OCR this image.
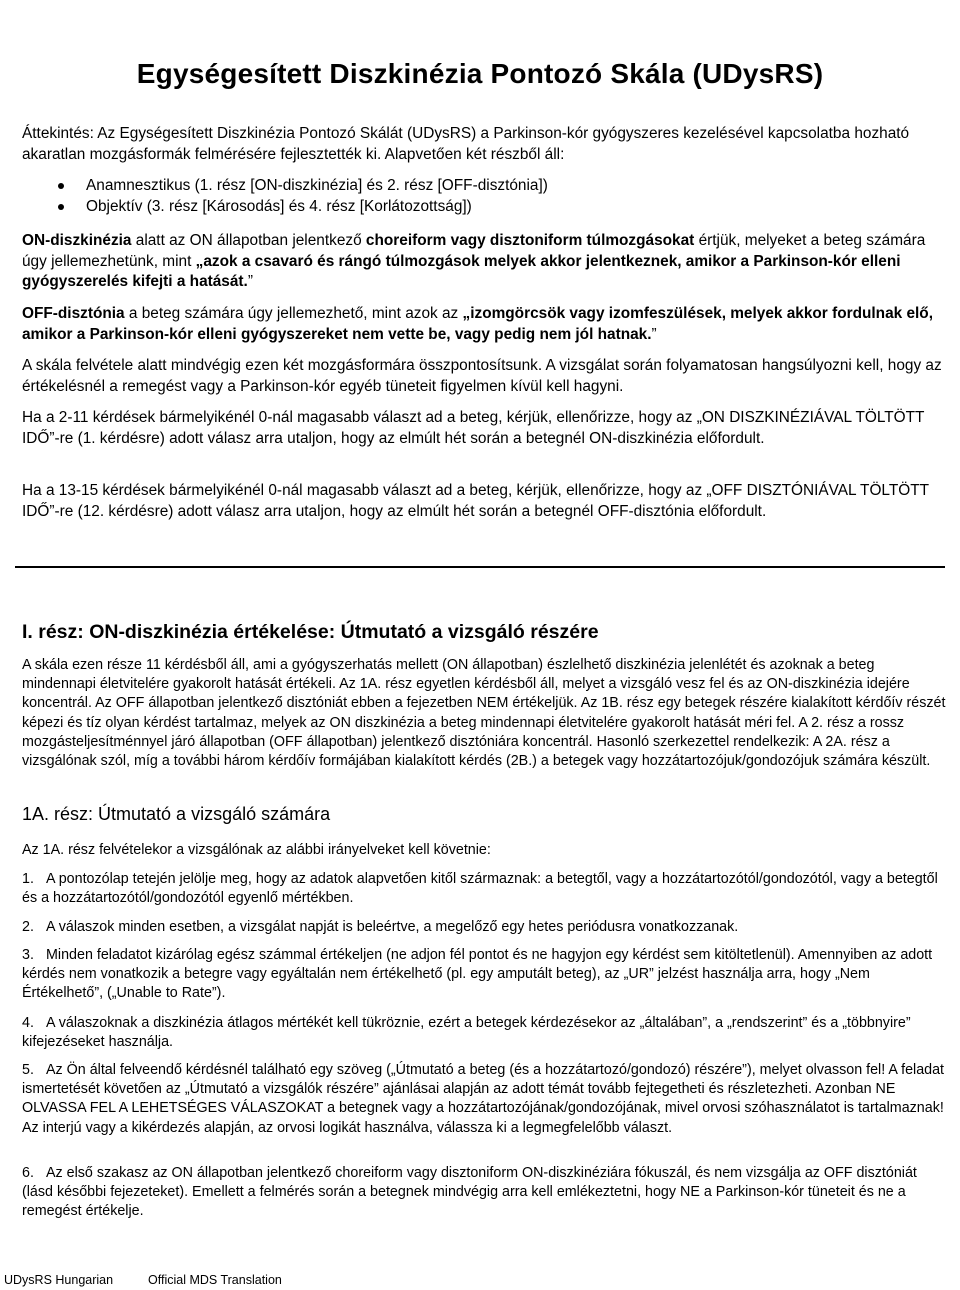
Egységesített Diszkinézia Pontozó Skála (UDysRS)

Áttekintés: Az Egységesített Diszkinézia Pontozó Skálát (UDysRS) a Parkinson-kór gyógyszeres kezelésével kapcsolatba hozható akaratlan mozgásformák felmérésére fejlesztették ki. Alapvetően két részből áll:

Anamnesztikus (1. rész [ON-diszkinézia] és 2. rész [OFF-disztónia])
Objektív (3. rész [Károsodás] és 4. rész [Korlátozottság])

ON-diszkinézia alatt az ON állapotban jelentkező choreiform vagy disztoniform túlmozgásokat értjük, melyeket a beteg számára úgy jellemezhetünk, mint „azok a csavaró és rángó túlmozgások melyek akkor jelentkeznek, amikor a Parkinson-kór elleni gyógyszerelés kifejti a hatását.”

OFF-disztónia a beteg számára úgy jellemezhető, mint azok az „izomgörcsök vagy izomfeszülések, melyek akkor fordulnak elő, amikor a Parkinson-kór elleni gyógyszereket nem vette be, vagy pedig nem jól hatnak.”

A skála felvétele alatt mindvégig ezen két mozgásformára összpontosítsunk. A vizsgálat során folyamatosan hangsúlyozni kell, hogy az értékelésnél a remegést vagy a Parkinson-kór egyéb tüneteit figyelmen kívül kell hagyni.

Ha a 2-11 kérdések bármelyikénél 0-nál magasabb választ ad a beteg, kérjük, ellenőrizze, hogy az „ON DISZKINÉZIÁVAL TÖLTÖTT IDŐ”-re (1. kérdésre) adott válasz arra utaljon, hogy az elmúlt hét során a betegnél ON-diszkinézia előfordult.

Ha a 13-15 kérdések bármelyikénél 0-nál magasabb választ ad a beteg, kérjük, ellenőrizze, hogy az „OFF DISZTÓNIÁVAL TÖLTÖTT IDŐ”-re (12. kérdésre) adott válasz arra utaljon, hogy az elmúlt hét során a betegnél OFF-disztónia előfordult.

I. rész: ON-diszkinézia értékelése: Útmutató a vizsgáló részére

A skála ezen része 11 kérdésből áll, ami a gyógyszerhatás mellett (ON állapotban) észlelhető diszkinézia jelenlétét és azoknak a beteg mindennapi életvitelére gyakorolt hatását értékeli. Az 1A. rész egyetlen kérdésből áll, melyet a vizsgáló vesz fel és az ON-diszkinézia idejére koncentrál. Az OFF állapotban jelentkező disztóniát ebben a fejezetben NEM értékeljük. Az 1B. rész egy betegek részére kialakított kérdőív részét képezi és tíz olyan kérdést tartalmaz, melyek az ON diszkinézia a beteg mindennapi életvitelére gyakorolt hatását méri fel. A 2. rész a rossz mozgásteljesítménnyel járó állapotban (OFF állapotban) jelentkező disztóniára koncentrál. Hasonló szerkezettel rendelkezik: A 2A. rész a vizsgálónak szól, míg a további három kérdőív formájában kialakított kérdés (2B.) a betegek vagy hozzátartozójuk/gondozójuk számára készült.

1A. rész: Útmutató a vizsgáló számára

Az 1A. rész felvételekor a vizsgálónak az alábbi irányelveket kell követnie:

1. A pontozólap tetején jelölje meg, hogy az adatok alapvetően kitől származnak: a betegtől, vagy a hozzátartozótól/gondozótól, vagy a betegtől és a hozzátartozótól/gondozótól egyenlő mértékben.

2. A válaszok minden esetben, a vizsgálat napját is beleértve, a megelőző egy hetes periódusra vonatkozzanak.

3. Minden feladatot kizárólag egész számmal értékeljen (ne adjon fél pontot és ne hagyjon egy kérdést sem kitöltetlenül). Amennyiben az adott kérdés nem vonatkozik a betegre vagy egyáltalán nem értékelhető (pl. egy amputált beteg), az „UR” jelzést használja arra, hogy „Nem Értékelhető”, („Unable to Rate”).

4. A válaszoknak a diszkinézia átlagos mértékét kell tükröznie, ezért a betegek kérdezésekor az „általában”, a „rendszerint” és a „többnyire” kifejezéseket használja.

5. Az Ön által felveendő kérdésnél található egy szöveg („Útmutató a beteg (és a hozzátartozó/gondozó) részére”), melyet olvasson fel! A feladat ismertetését követően az „Útmutató a vizsgálók részére” ajánlásai alapján az adott témát tovább fejtegetheti és részletezheti. Azonban NE OLVASSA FEL A LEHETSÉGES VÁLASZOKAT a betegnek vagy a hozzátartozójának/gondozójának, mivel orvosi szóhasználatot is tartalmaznak! Az interjú vagy a kikérdezés alapján, az orvosi logikát használva, válassza ki a legmegfelelőbb választ.

6. Az első szakasz az ON állapotban jelentkező choreiform vagy disztoniform ON-diszkinéziára fókuszál, és nem vizsgálja az OFF disztóniát (lásd későbbi fejezeteket). Emellett a felmérés során a betegnek mindvégig arra kell emlékeztetni, hogy NE a Parkinson-kór tüneteit és ne a remegést értékelje.

UDysRS Hungarian	Official MDS Translation
